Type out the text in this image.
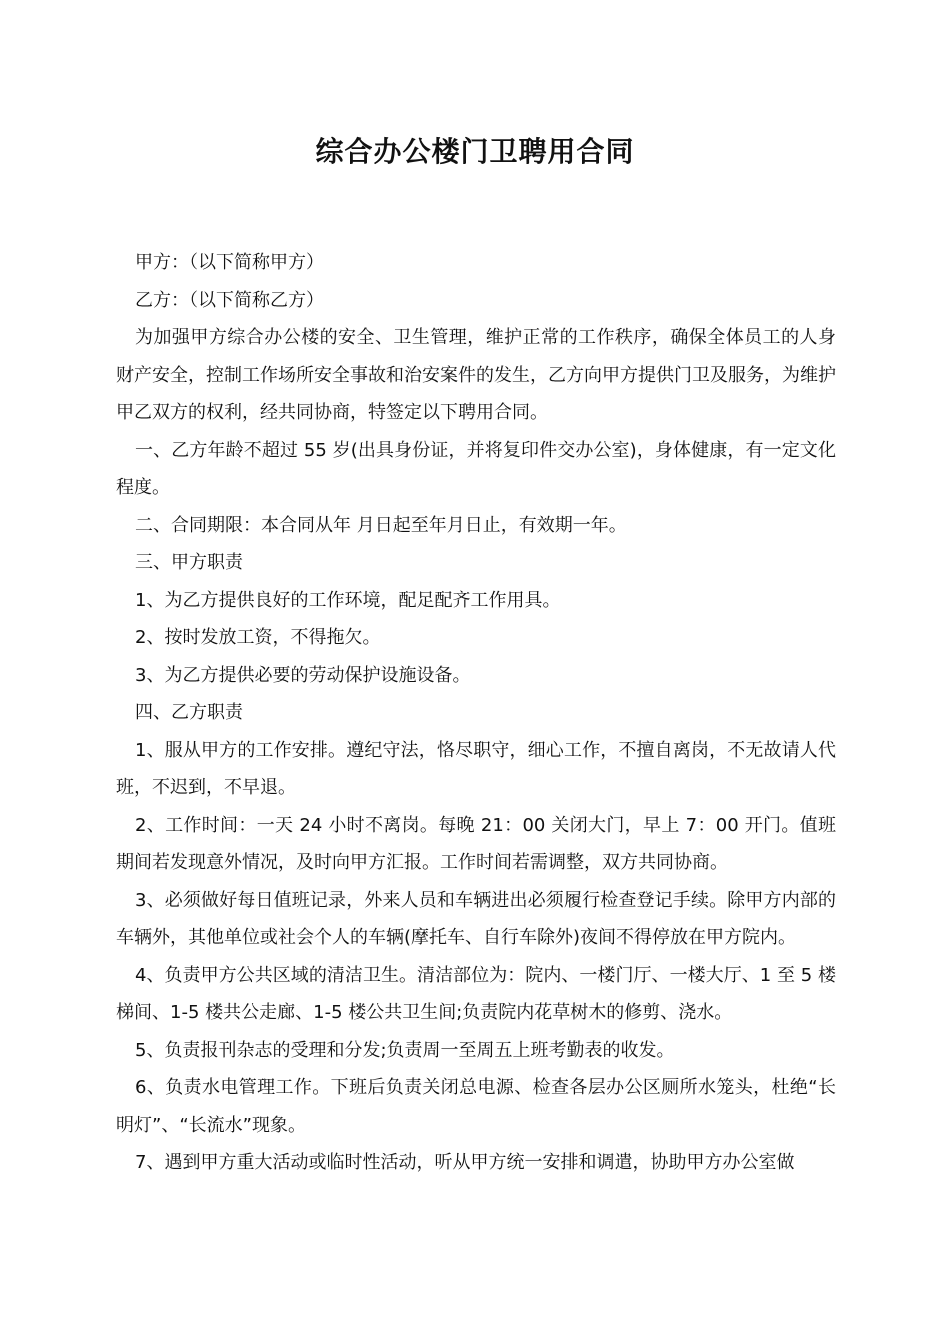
综合办公楼门卫聘用合同

甲方：（以下简称甲方）

乙方：（以下简称乙方）

为加强甲方综合办公楼的安全、卫生管理，维护正常的工作秩序，确保全体员工的人身财产安全，控制工作场所安全事故和治安案件的发生，乙方向甲方提供门卫及服务，为维护甲乙双方的权利，经共同协商，特签定以下聘用合同。

一、乙方年龄不超过 55 岁(出具身份证，并将复印件交办公室)，身体健康，有一定文化程度。

二、合同期限：本合同从年 月日起至年月日止，有效期一年。

三、甲方职责

1、为乙方提供良好的工作环境，配足配齐工作用具。

2、按时发放工资，不得拖欠。

3、为乙方提供必要的劳动保护设施设备。

四、乙方职责

1、服从甲方的工作安排。遵纪守法，恪尽职守，细心工作，不擅自离岗，不无故请人代班，不迟到，不早退。

2、工作时间：一天 24 小时不离岗。每晚 21：00 关闭大门，早上 7：00 开门。值班期间若发现意外情况，及时向甲方汇报。工作时间若需调整，双方共同协商。

3、必须做好每日值班记录，外来人员和车辆进出必须履行检查登记手续。除甲方内部的车辆外，其他单位或社会个人的车辆(摩托车、自行车除外)夜间不得停放在甲方院内。

4、负责甲方公共区域的清洁卫生。清洁部位为：院内、一楼门厅、一楼大厅、1 至 5 楼梯间、1-5 楼共公走廊、1-5 楼公共卫生间;负责院内花草树木的修剪、浇水。

5、负责报刊杂志的受理和分发;负责周一至周五上班考勤表的收发。

6、负责水电管理工作。下班后负责关闭总电源、检查各层办公区厕所水笼头，杜绝“长明灯”、“长流水”现象。

7、遇到甲方重大活动或临时性活动，听从甲方统一安排和调遣，协助甲方办公室做
